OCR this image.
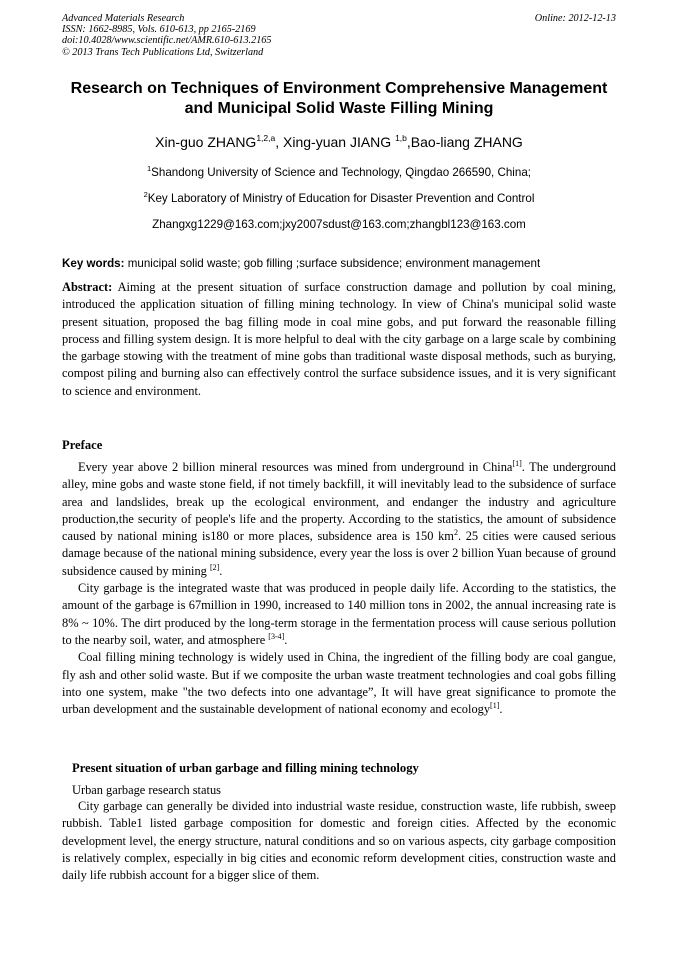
Advanced Materials Research
ISSN: 1662-8985, Vols. 610-613, pp 2165-2169
doi:10.4028/www.scientific.net/AMR.610-613.2165
© 2013 Trans Tech Publications Ltd, Switzerland
Online: 2012-12-13
Research on Techniques of Environment Comprehensive Management
and Municipal Solid Waste Filling Mining
Xin-guo ZHANG$^{1,2,a}$, Xing-yuan JIANG $^{1,b}$,Bao-liang ZHANG
$^1$Shandong University of Science and Technology, Qingdao 266590, China;
$^2$Key Laboratory of Ministry of Education for Disaster Prevention and Control
Zhangxg1229@163.com;jxy2007sdust@163.com;zhangbl123@163.com
Key words: municipal solid waste; gob filling ;surface subsidence; environment management

Abstract: Aiming at the present situation of surface construction damage and pollution by coal mining, introduced the application situation of filling mining technology. In view of China's municipal solid waste present situation, proposed the bag filling mode in coal mine gobs, and put forward the reasonable filling process and filling system design. It is more helpful to deal with the city garbage on a large scale by combining the garbage stowing with the treatment of mine gobs than traditional waste disposal methods, such as burying, compost piling and burning also can effectively control the surface subsidence issues, and it is very significant to science and environment.

Preface

Every year above 2 billion mineral resources was mined from underground in China[1]. The underground alley, mine gobs and waste stone field, if not timely backfill, it will inevitably lead to the subsidence of surface area and landslides, break up the ecological environment, and endanger the industry and agriculture production,the security of people's life and the property. According to the statistics, the amount of subsidence caused by national mining is180 or more places, subsidence area is 150 $km^2$. 25 cities were caused serious damage because of the national mining subsidence, every year the loss is over 2 billion Yuan because of ground subsidence caused by mining [2].

City garbage is the integrated waste that was produced in people daily life. According to the statistics, the amount of the garbage is 67million in 1990, increased to 140 million tons in 2002, the annual increasing rate is 8% ~ 10%. The dirt produced by the long-term storage in the fermentation process will cause serious pollution to the nearby soil, water, and atmosphere [3-4].

Coal filling mining technology is widely used in China, the ingredient of the filling body are coal gangue, fly ash and other solid waste. But if we composite the urban waste treatment technologies and coal gobs filling into one system, make "the two defects into one advantage”, It will have great significance to promote the urban development and the sustainable development of national economy and ecology[1].

Present situation of urban garbage and filling mining technology
Urban garbage research status

City garbage can generally be divided into industrial waste residue, construction waste, life rubbish, sweep rubbish. Table1 listed garbage composition for domestic and foreign cities. Affected by the economic development level, the energy structure, natural conditions and so on various aspects, city garbage composition is relatively complex, especially in big cities and economic reform development cities, construction waste and daily life rubbish account for a bigger slice of them.
